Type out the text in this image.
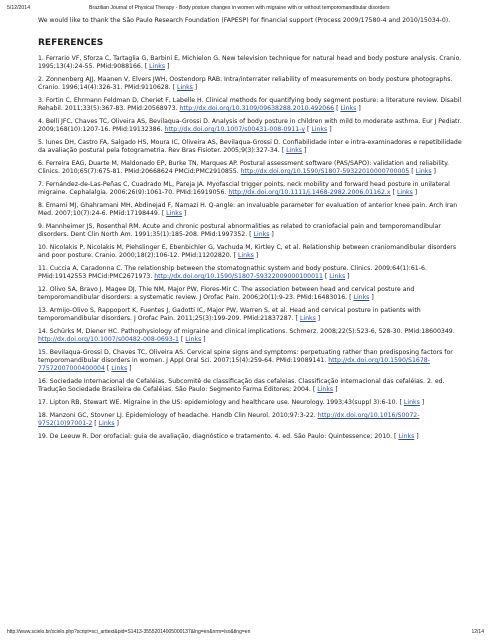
5/12/2014	Brazilian Journal of Physical Therapy - Body posture changes in women with migraine with or without temporomandibular disorders

We would like to thank the São Paulo Research Foundation (FAPESP) for financial support (Process 2009/17580-4 and 2010/15034-0).

REFERENCES

1. Ferrario VF, Sforza C, Tartaglia G, Barbini E, Michielon G. New television technique for natural head and body posture analysis. Cranio. 1995;13(4):24-55. PMid:9088166. [ Links ]

2. Zonnenberg AJJ, Maanen V, Elvers JWH, Oostendorp RAB. Intra/interrater reliability of measurements on body posture photographs. Cranio. 1996;14(4):326-31. PMid:9110628. [ Links ]

3. Fortin C, Ehrmann Feldman D, Cheriet F, Labelle H. Clinical methods for quantifying body segment posture: a literature review. Disabil Rehabil. 2011;33(5):367-83. PMid:20568973. http://dx.doi.org/10.3109/09638288.2010.492066 [ Links ]

4. Belli JFC, Chaves TC, Oliveira AS, Bevilaqua-Grossi D. Analysis of body posture in children with mild to moderate asthma. Eur J Pediatr. 2009;168(10):1207-16. PMid:19132386. http://dx.doi.org/10.1007/s00431-008-0911-y [ Links ]

5. Iunes DH, Castro FA, Salgado HS, Moura IC, Oliveira AS, Bevilaqua-Grossi D. Confiabilidade inter e intra-examinadores e repetibilidade da avaliação postural pela fotogrametria. Rev Bras Fisioter. 2005;9(3):327-34. [ Links ]

6. Ferreira EAG, Duarte M, Maldonado EP, Burke TN, Marques AP. Postural assessment software (PAS/SAPO): validation and reliability. Clinics. 2010;65(7):675-81. PMid:20668624 PMCid:PMC2910855. http://dx.doi.org/10.1590/S1807-59322010000700005 [ Links ]

7. Fernández-de-Las-Peñas C, Cuadrado ML, Pareja JA. Myofascial trigger points, neck mobility and forward head posture in unilateral migraine. Cephalalgia. 2006;26(9):1061-70. PMid:16919056. http://dx.doi.org/10.1111/j.1468-2982.2006.01162.x [ Links ]

8. Emami MJ, Ghahramani MH, Abdinejad F, Namazi H. Q-angle: an invaluable parameter for evaluation of anterior knee pain. Arch Iran Med. 2007;10(7):24-6. PMid:17198449. [ Links ]

9. Mannheimer JS, Rosenthal RM. Acute and chronic postural abnormalities as related to craniofacial pain and temporomandibular disorders. Dent Clin North Am. 1991;35(1):185-208. PMid:1997352. [ Links ]

10. Nicolakis P, Nicolakis M, Piehslinger E, Ebenbichler G, Vachuda M, Kirtley C, et al. Relationship between craniomandibular disorders and poor posture. Cranio. 2000;18(2):106-12. PMid:11202820. [ Links ]

11. Cuccia A, Caradonna C. The relationship between the stomatognathic system and body posture. Clinics. 2009;64(1):61-6. PMid:19142553 PMCid:PMC2671973. http://dx.doi.org/10.1590/S1807-59322009000100011 [ Links ]

12. Olivo SA, Bravo J, Magee DJ, Thie NM, Major PW, Flores-Mir C. The association between head and cervical posture and temporomandibular disorders: a systematic review. J Orofac Pain. 2006;20(1):9-23. PMid:16483016. [ Links ]

13. Armijo-Olivo S, Rappoport K, Fuentes J, Gadotti IC, Major PW, Warren S, et al. Head and cervical posture in patients with temporomandibular disorders. J Orofac Pain. 2011;25(3):199-209. PMid:21837287. [ Links ]

14. Schürks M, Diener HC. Pathophysiology of migraine and clinical implications. Schmerz. 2008;22(5):523-6, 528-30. PMid:18600349. http://dx.doi.org/10.1007/s00482-008-0693-1 [ Links ]

15. Bevilaqua-Grossi D, Chaves TC, Oliveira AS. Cervical spine signs and symptoms: perpetuating rather than predisposing factors for temporomandibular disorders in women. J Appl Oral Sci. 2007;15(4):259-64. PMid:19089141. http://dx.doi.org/10.1590/S1678-77572007000400004 [ Links ]

16. Sociedade Internacional de Cefaléias. Subcomitê de classificação das cefaleias. Classificação internacional das cefaléias. 2. ed. Tradução Sociedade Brasileira de Cefaléias. São Paulo: Segmento Farma Editores; 2004. [ Links ]

17. Lipton RB, Stewart WE. Migraine in the US: epidemiology and healthcare use. Neurology. 1993;43(suppl 3):6-10. [ Links ]

18. Manzoni GC, Stovner LJ. Epidemiology of headache. Handb Clin Neurol. 2010;97:3-22. http://dx.doi.org/10.1016/S0072-9752(10)97001-2 [ Links ]

19. De Leeuw R. Dor orofacial: guia de avaliação, diagnóstico e tratamento. 4. ed. São Paulo: Quintessence; 2010. [ Links ]

http://www.scielo.br/scielo.php?script=sci_arttext&pid=S1413-35552014005000137&lng=en&nrm=iso&tlng=en	12/14
